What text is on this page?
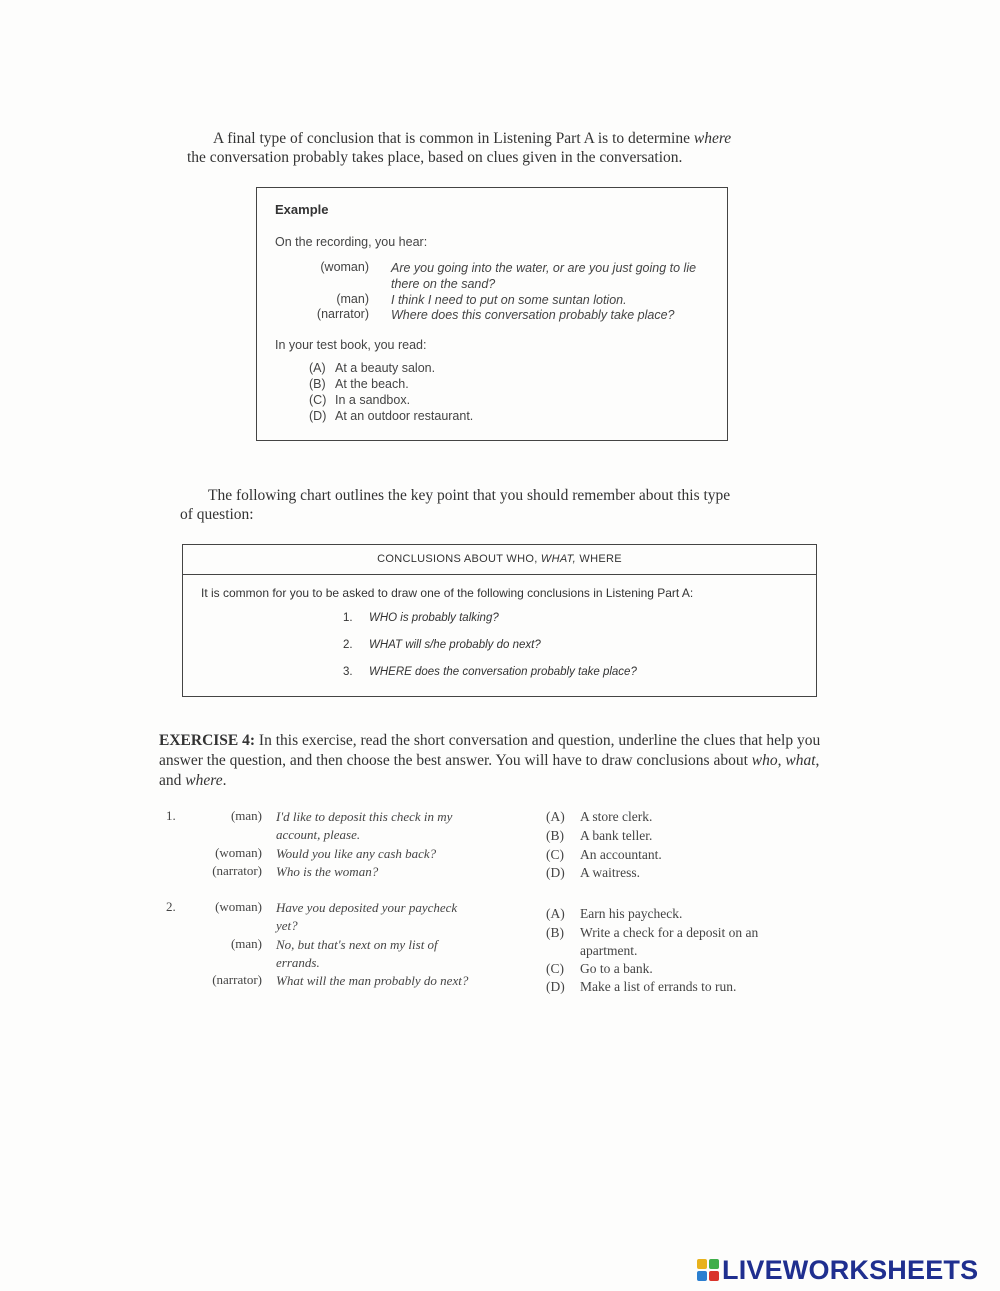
A final type of conclusion that is common in Listening Part A is to determine where
the conversation probably takes place, based on clues given in the conversation.
Example
On the recording, you hear:
(woman) Are you going into the water, or are you just going to lie there on the sand?
(man) I think I need to put on some suntan lotion.
(narrator) Where does this conversation probably take place?
In your test book, you read:
(A) At a beauty salon.
(B) At the beach.
(C) In a sandbox.
(D) At an outdoor restaurant.
The following chart outlines the key point that you should remember about this type
of question:
CONCLUSIONS ABOUT WHO, WHAT, WHERE
It is common for you to be asked to draw one of the following conclusions in Listening Part A:
1. WHO is probably talking?
2. WHAT will s/he probably do next?
3. WHERE does the conversation probably take place?
EXERCISE 4: In this exercise, read the short conversation and question, underline the clues that help you answer the question, and then choose the best answer. You will have to draw conclusions about who, what, and where.
1.	(man) I'd like to deposit this check in my account, please.
(woman) Would you like any cash back?
(narrator) Who is the woman?
(A) A store clerk.
(B) A bank teller.
(C) An accountant.
(D) A waitress.
2.	(woman) Have you deposited your paycheck yet?
(man) No, but that's next on my list of errands.
(narrator) What will the man probably do next?
(A) Earn his paycheck.
(B) Write a check for a deposit on an apartment.
(C) Go to a bank.
(D) Make a list of errands to run.
LIVEWORKSHEETS
